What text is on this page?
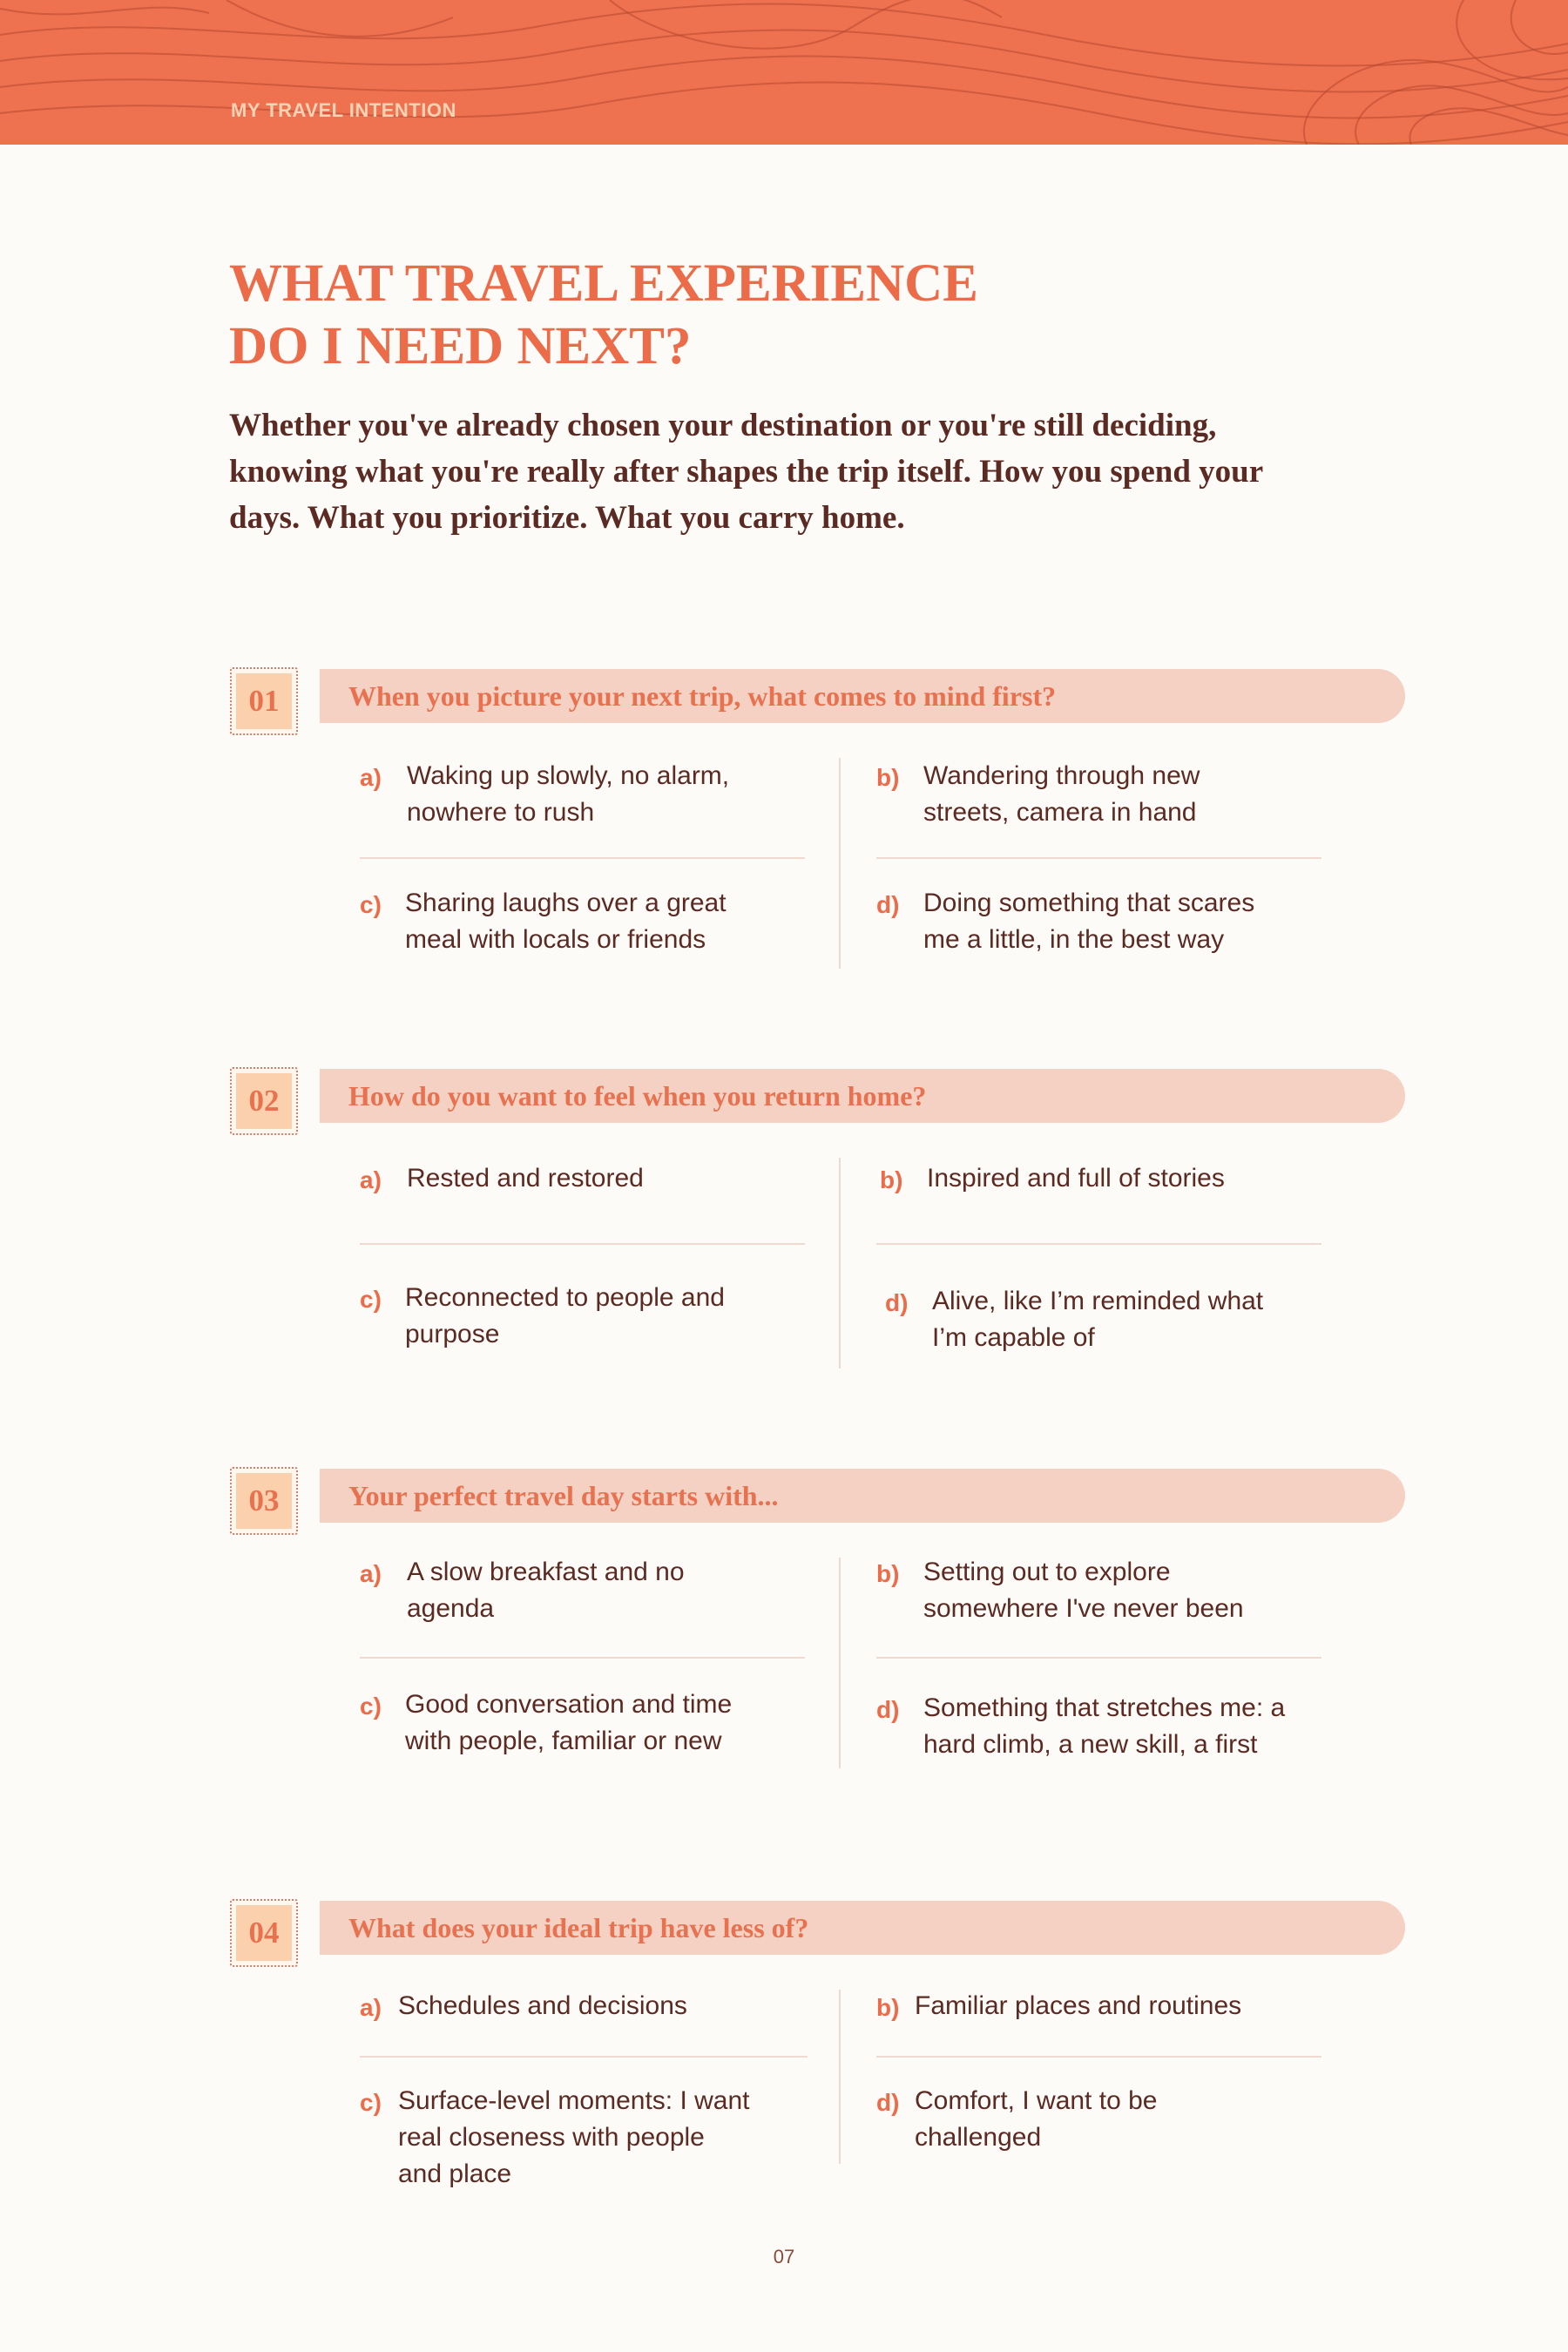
MY TRAVEL INTENTION
WHAT TRAVEL EXPERIENCE
DO I NEED NEXT?

Whether you've already chosen your destination or you're still deciding, knowing what you're really after shapes the trip itself. How you spend your days. What you prioritize. What you carry home.

01	When you picture your next trip, what comes to mind first?
a) Waking up slowly, no alarm,
nowhere to rush
b) Wandering through new
streets, camera in hand
c) Sharing laughs over a great
meal with locals or friends
d) Doing something that scares
me a little, in the best way
02	How do you want to feel when you return home?
a) Rested and restored	b) Inspired and full of stories
c) Reconnected to people and
purpose
d) Alive, like I’m reminded what
I’m capable of
03	Your perfect travel day starts with...
a) A slow breakfast and no
agenda
b) Setting out to explore
somewhere I've never been
c) Good conversation and time
with people, familiar or new
d) Something that stretches me: a
hard climb, a new skill, a first
04	What does your ideal trip have less of?
a) Schedules and decisions	b) Familiar places and routines
c) Surface-level moments: I want
real closeness with people
and place
d) Comfort, I want to be
challenged
07
